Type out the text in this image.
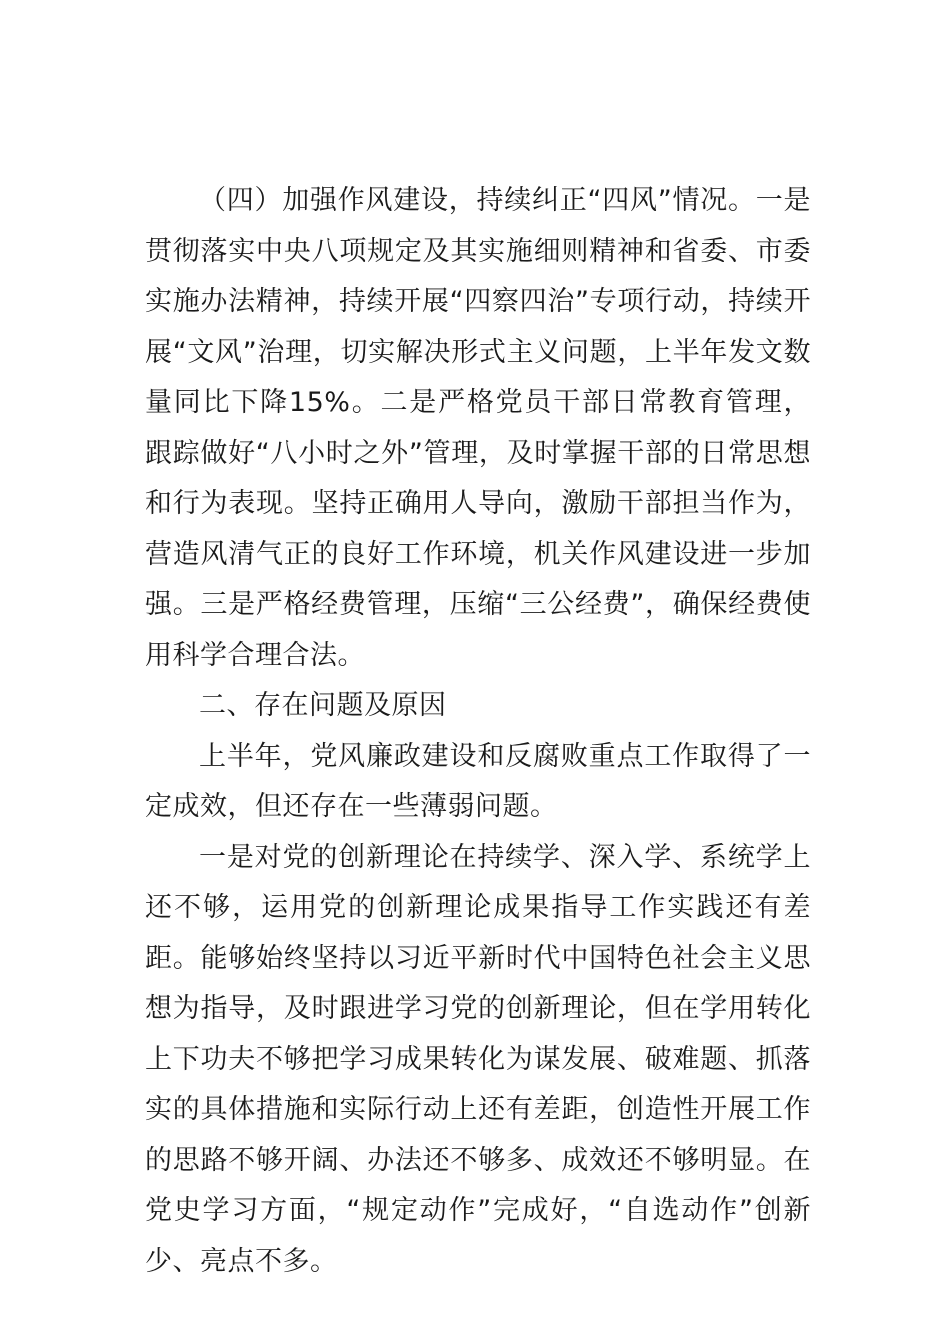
（四）加强作风建设，持续纠正“四风”情况。一是贯彻落实中央八项规定及其实施细则精神和省委、市委实施办法精神，持续开展“四察四治”专项行动，持续开展“文风”治理，切实解决形式主义问题，上半年发文数量同比下降15%。二是严格党员干部日常教育管理，跟踪做好“八小时之外”管理，及时掌握干部的日常思想和行为表现。坚持正确用人导向，激励干部担当作为，营造风清气正的良好工作环境，机关作风建设进一步加强。三是严格经费管理，压缩“三公经费”，确保经费使用科学合理合法。

二、存在问题及原因

上半年，党风廉政建设和反腐败重点工作取得了一定成效，但还存在一些薄弱问题。

一是对党的创新理论在持续学、深入学、系统学上还不够，运用党的创新理论成果指导工作实践还有差距。能够始终坚持以习近平新时代中国特色社会主义思想为指导，及时跟进学习党的创新理论，但在学用转化上下功夫不够把学习成果转化为谋发展、破难题、抓落实的具体措施和实际行动上还有差距，创造性开展工作的思路不够开阔、办法还不够多、成效还不够明显。在党史学习方面，“规定动作”完成好，“自选动作”创新少、亮点不多。
